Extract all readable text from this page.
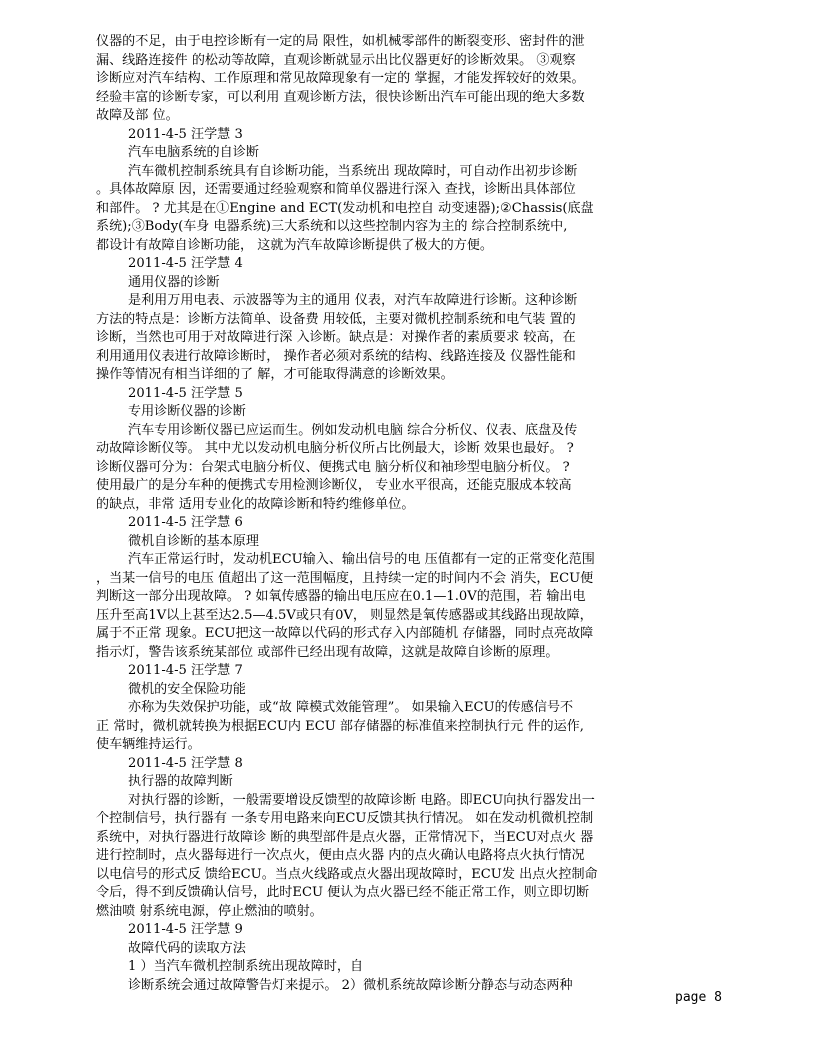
仪器的不足，由于电控诊断有一定的局 限性，如机械零部件的断裂变形、密封件的泄

漏、线路连接件 的松动等故障，直观诊断就显示出比仪器更好的诊断效果。 ③观察

诊断应对汽车结构、工作原理和常见故障现象有一定的 掌握，才能发挥较好的效果。

经验丰富的诊断专家，可以利用 直观诊断方法，很快诊断出汽车可能出现的绝大多数

故障及部 位。

2011-4-5 汪学慧 3

汽车电脑系统的自诊断

汽车微机控制系统具有自诊断功能，当系统出 现故障时，可自动作出初步诊断

。具体故障原 因，还需要通过经验观察和简单仪器进行深入 查找，诊断出具体部位

和部件。 ? 尤其是在①Engine and ECT(发动机和电控自 动变速器);②Chassis(底盘

系统);③Body(车身 电器系统)三大系统和以这些控制内容为主的 综合控制系统中,

都设计有故障自诊断功能， 这就为汽车故障诊断提供了极大的方便。

2011-4-5 汪学慧 4

通用仪器的诊断

是利用万用电表、示波器等为主的通用 仪表，对汽车故障进行诊断。这种诊断

方法的特点是：诊断方法简单、设备费 用较低，主要对微机控制系统和电气装 置的

诊断，当然也可用于对故障进行深 入诊断。缺点是：对操作者的素质要求 较高，在

利用通用仪表进行故障诊断时， 操作者必须对系统的结构、线路连接及 仪器性能和

操作等情况有相当详细的了 解，才可能取得满意的诊断效果。

2011-4-5 汪学慧 5

专用诊断仪器的诊断

汽车专用诊断仪器已应运而生。例如发动机电脑 综合分析仪、仪表、底盘及传

动故障诊断仪等。 其中尤以发动机电脑分析仪所占比例最大，诊断 效果也最好。 ?

诊断仪器可分为：台架式电脑分析仪、便携式电 脑分析仪和袖珍型电脑分析仪。 ?

使用最广的是分车种的便携式专用检测诊断仪， 专业水平很高，还能克服成本较高

的缺点，非常 适用专业化的故障诊断和特约维修单位。

2011-4-5 汪学慧 6

微机自诊断的基本原理

汽车正常运行时，发动机ECU输入、输出信号的电 压值都有一定的正常变化范围

，当某一信号的电压 值超出了这一范围幅度，且持续一定的时间内不会 消失，ECU便

判断这一部分出现故障。 ? 如氧传感器的输出电压应在0.1—1.0V的范围，若 输出电

压升至高1V以上甚至达2.5—4.5V或只有0V， 则显然是氧传感器或其线路出现故障，

属于不正常 现象。ECU把这一故障以代码的形式存入内部随机 存储器，同时点亮故障

指示灯，警告该系统某部位 或部件已经出现有故障，这就是故障自诊断的原理。

2011-4-5 汪学慧 7

微机的安全保险功能

亦称为失效保护功能，或“故 障模式效能管理”。 如果输入ECU的传感信号不

正 常时，微机就转换为根据ECU内 ECU 部存储器的标准值来控制执行元 件的运作,

使车辆维持运行。

2011-4-5 汪学慧 8

执行器的故障判断

对执行器的诊断，一般需要增设反馈型的故障诊断 电路。即ECU向执行器发出一

个控制信号，执行器有 一条专用电路来向ECU反馈其执行情况。 如在发动机微机控制

系统中，对执行器进行故障诊 断的典型部件是点火器，正常情况下，当ECU对点火 器

进行控制时，点火器每进行一次点火，便由点火器 内的点火确认电路将点火执行情况

以电信号的形式反 馈给ECU。当点火线路或点火器出现故障时，ECU发 出点火控制命

令后，得不到反馈确认信号，此时ECU 便认为点火器已经不能正常工作，则立即切断

燃油喷 射系统电源，停止燃油的喷射。

2011-4-5 汪学慧 9

故障代码的读取方法

1 ）当汽车微机控制系统出现故障时，自

诊断系统会通过故障警告灯来提示。 2）微机系统故障诊断分静态与动态两种

page 8
